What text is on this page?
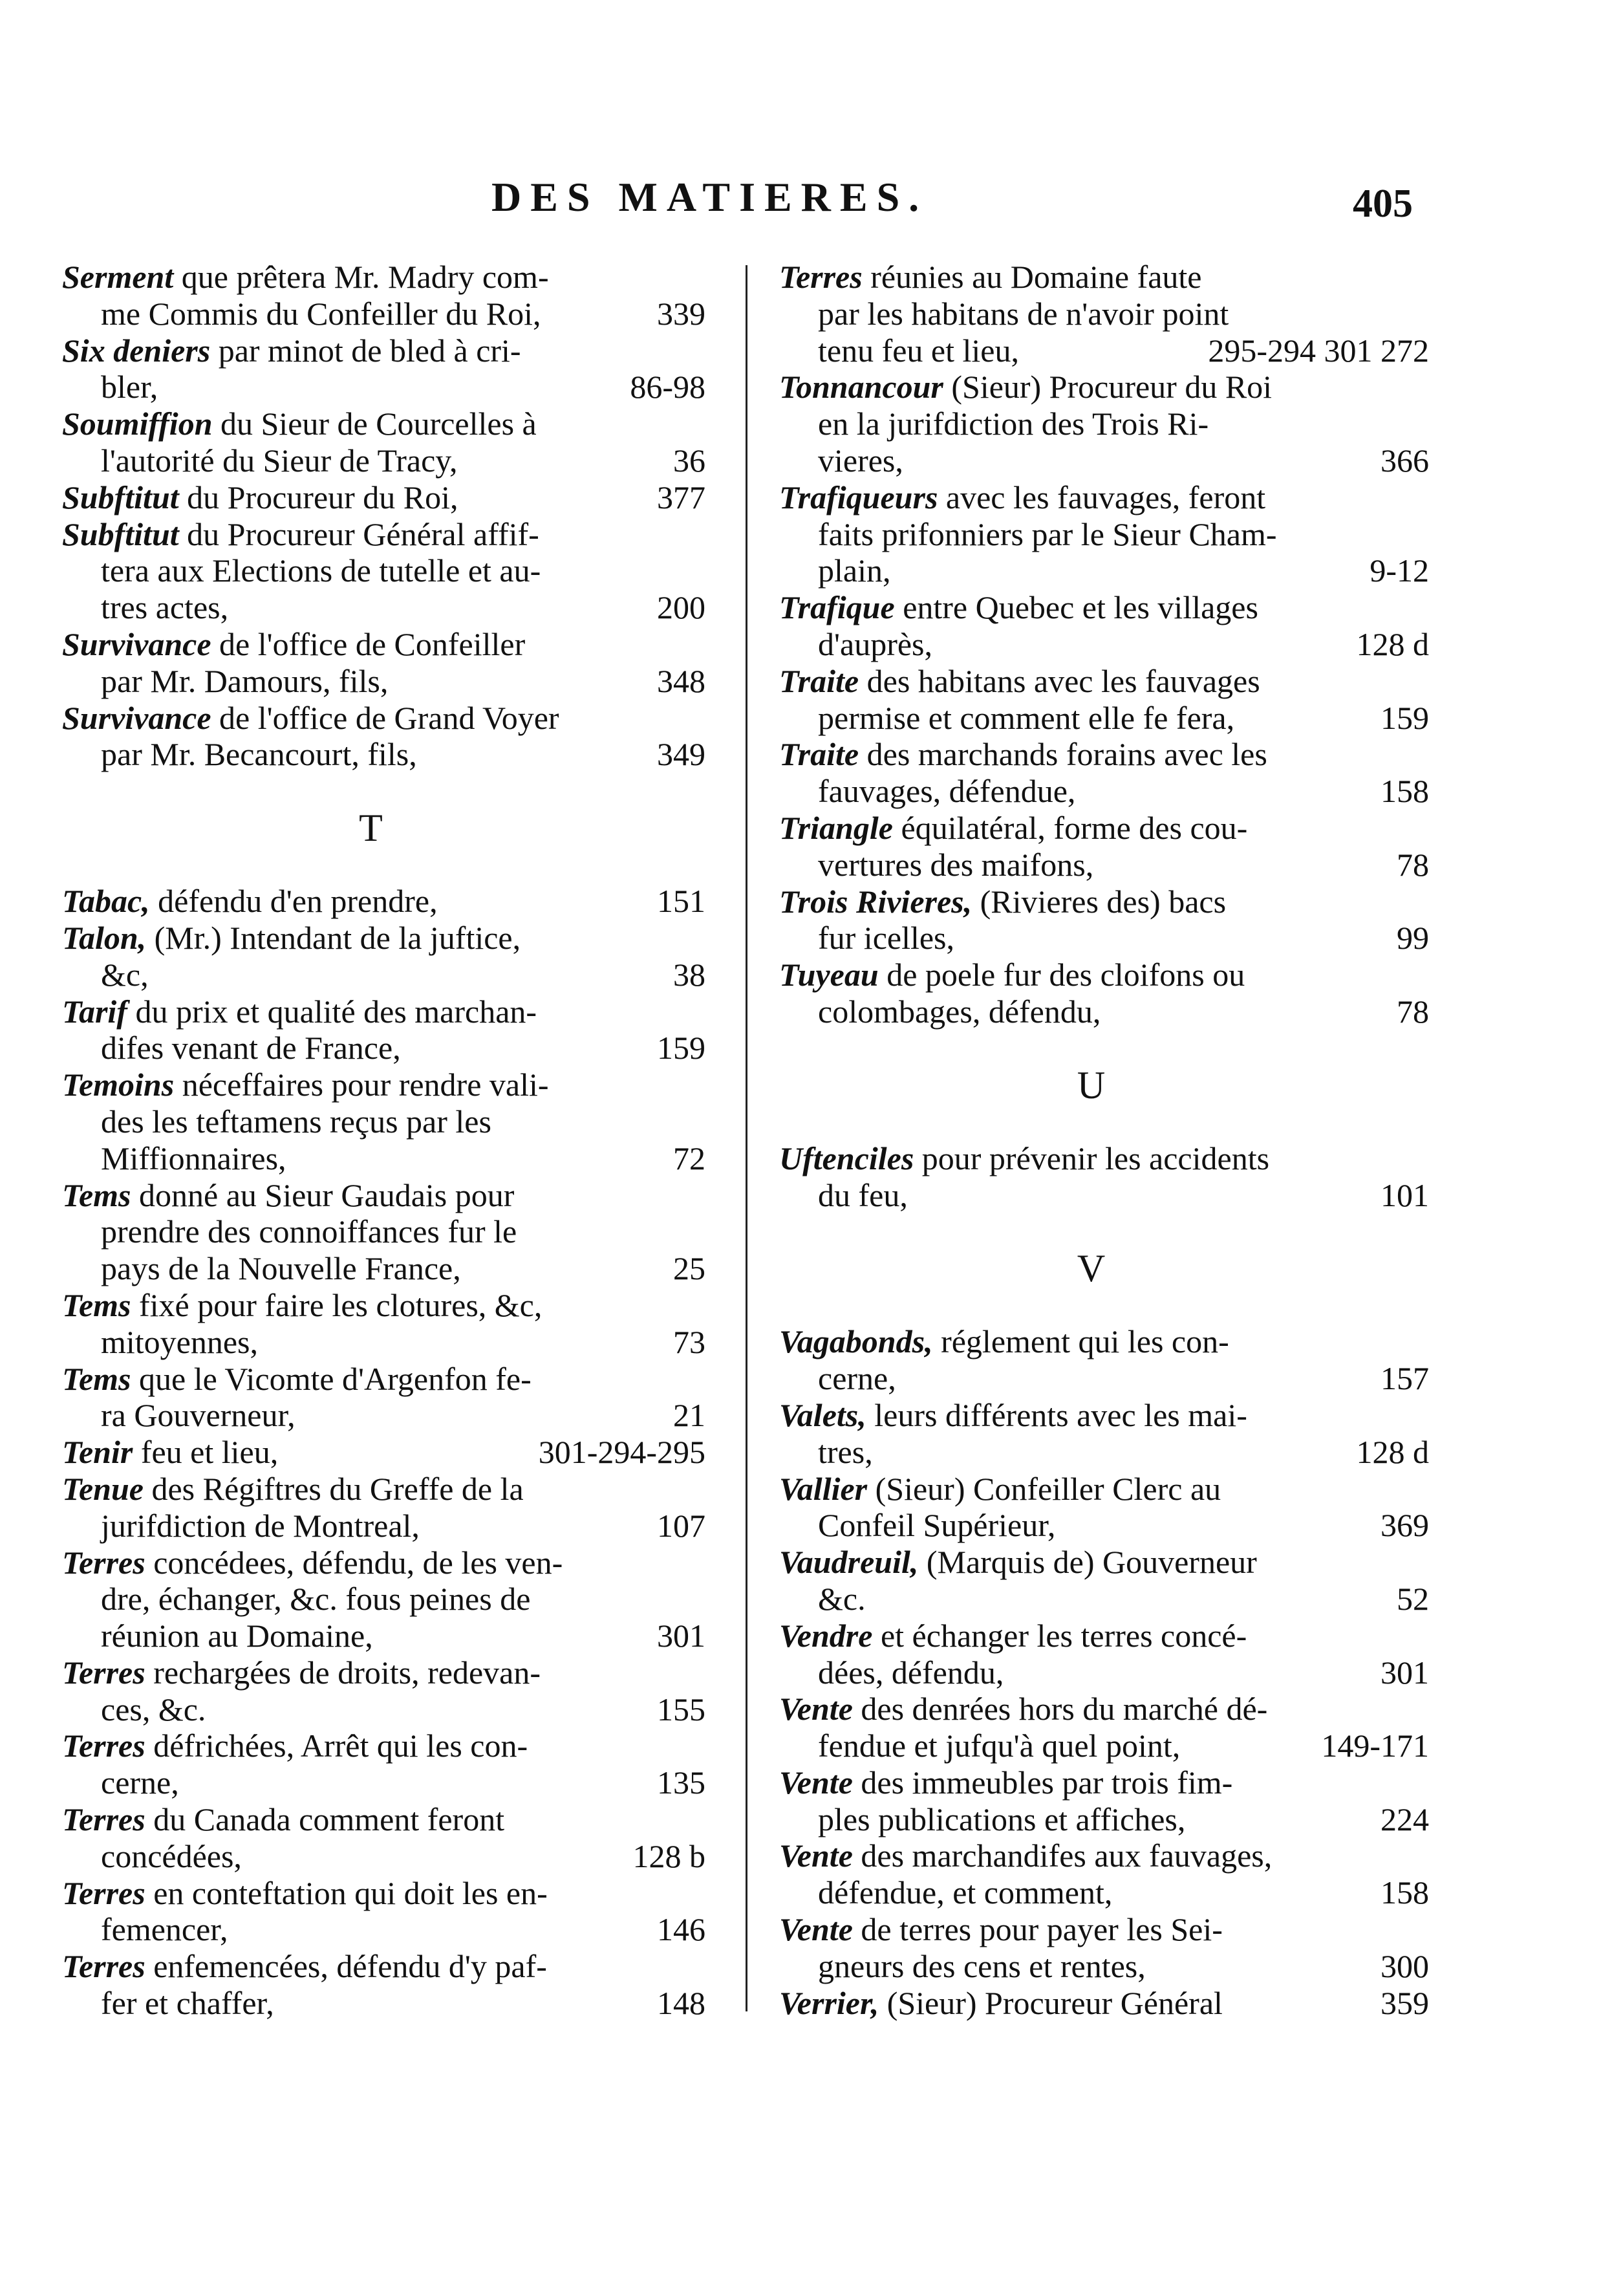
DES MATIERES.	405
Serment que prêtera Mr. Madry com-
me Commis du Confeiller du Roi,	339
Six deniers par minot de bled à cri-
bler,	86-98
Soumiffion du Sieur de Courcelles à
l'autorité du Sieur de Tracy,	36
Subftitut du Procureur du Roi,	377
Subftitut du Procureur Général affif-
tera aux Elections de tutelle et au-
tres actes,	200
Survivance de l'office de Confeiller
par Mr. Damours, fils,	348
Survivance de l'office de Grand Voyer
par Mr. Becancourt, fils,	349
T
Tabac, défendu d'en prendre,	151
Talon, (Mr.) Intendant de la juftice,
&c,	38
Tarif du prix et qualité des marchan-
difes venant de France,	159
Temoins néceffaires pour rendre vali-
des les teftamens reçus par les
Miffionnaires,	72
Tems donné au Sieur Gaudais pour
prendre des connoiffances fur le
pays de la Nouvelle France,	25
Tems fixé pour faire les clotures, &c,
mitoyennes,	73
Tems que le Vicomte d'Argenfon fe-
ra Gouverneur,	21
Tenir feu et lieu,	301-294-295
Tenue des Régiftres du Greffe de la
jurifdiction de Montreal,	107
Terres concédees, défendu, de les ven-
dre, échanger, &c. fous peines de
réunion au Domaine,	301
Terres rechargées de droits, redevan-
ces, &c.	155
Terres défrichées, Arrêt qui les con-
cerne,	135
Terres du Canada comment feront
concédées,	128 b
Terres en conteftation qui doit les en-
femencer,	146
Terres enfemencées, défendu d'y paf-
fer et chaffer,	148
Terres réunies au Domaine faute
par les habitans de n'avoir point
tenu feu et lieu,	295-294 301 272
Tonnancour (Sieur) Procureur du Roi
en la jurifdiction des Trois Ri-
vieres,	366
Trafiqueurs avec les fauvages, feront
faits prifonniers par le Sieur Cham-
plain,	9-12
Trafique entre Quebec et les villages
d'auprès,	128 d
Traite des habitans avec les fauvages
permise et comment elle fe fera,	159
Traite des marchands forains avec les
fauvages, défendue,	158
Triangle équilatéral, forme des cou-
vertures des maifons,	78
Trois Rivieres, (Rivieres des) bacs
fur icelles,	99
Tuyeau de poele fur des cloifons ou
colombages, défendu,	78
U
Uftenciles pour prévenir les accidents
du feu,	101
V
Vagabonds, réglement qui les con-
cerne,	157
Valets, leurs différents avec les mai-
tres,	128 d
Vallier (Sieur) Confeiller Clerc au
Confeil Supérieur,	369
Vaudreuil, (Marquis de) Gouverneur
&c.	52
Vendre et échanger les terres concé-
dées, défendu,	301
Vente des denrées hors du marché dé-
fendue et jufqu'à quel point,	149-171
Vente des immeubles par trois fim-
ples publications et affiches,	224
Vente des marchandifes aux fauvages,
défendue, et comment,	158
Vente de terres pour payer les Sei-
gneurs des cens et rentes,	300
Verrier, (Sieur) Procureur Général	359
